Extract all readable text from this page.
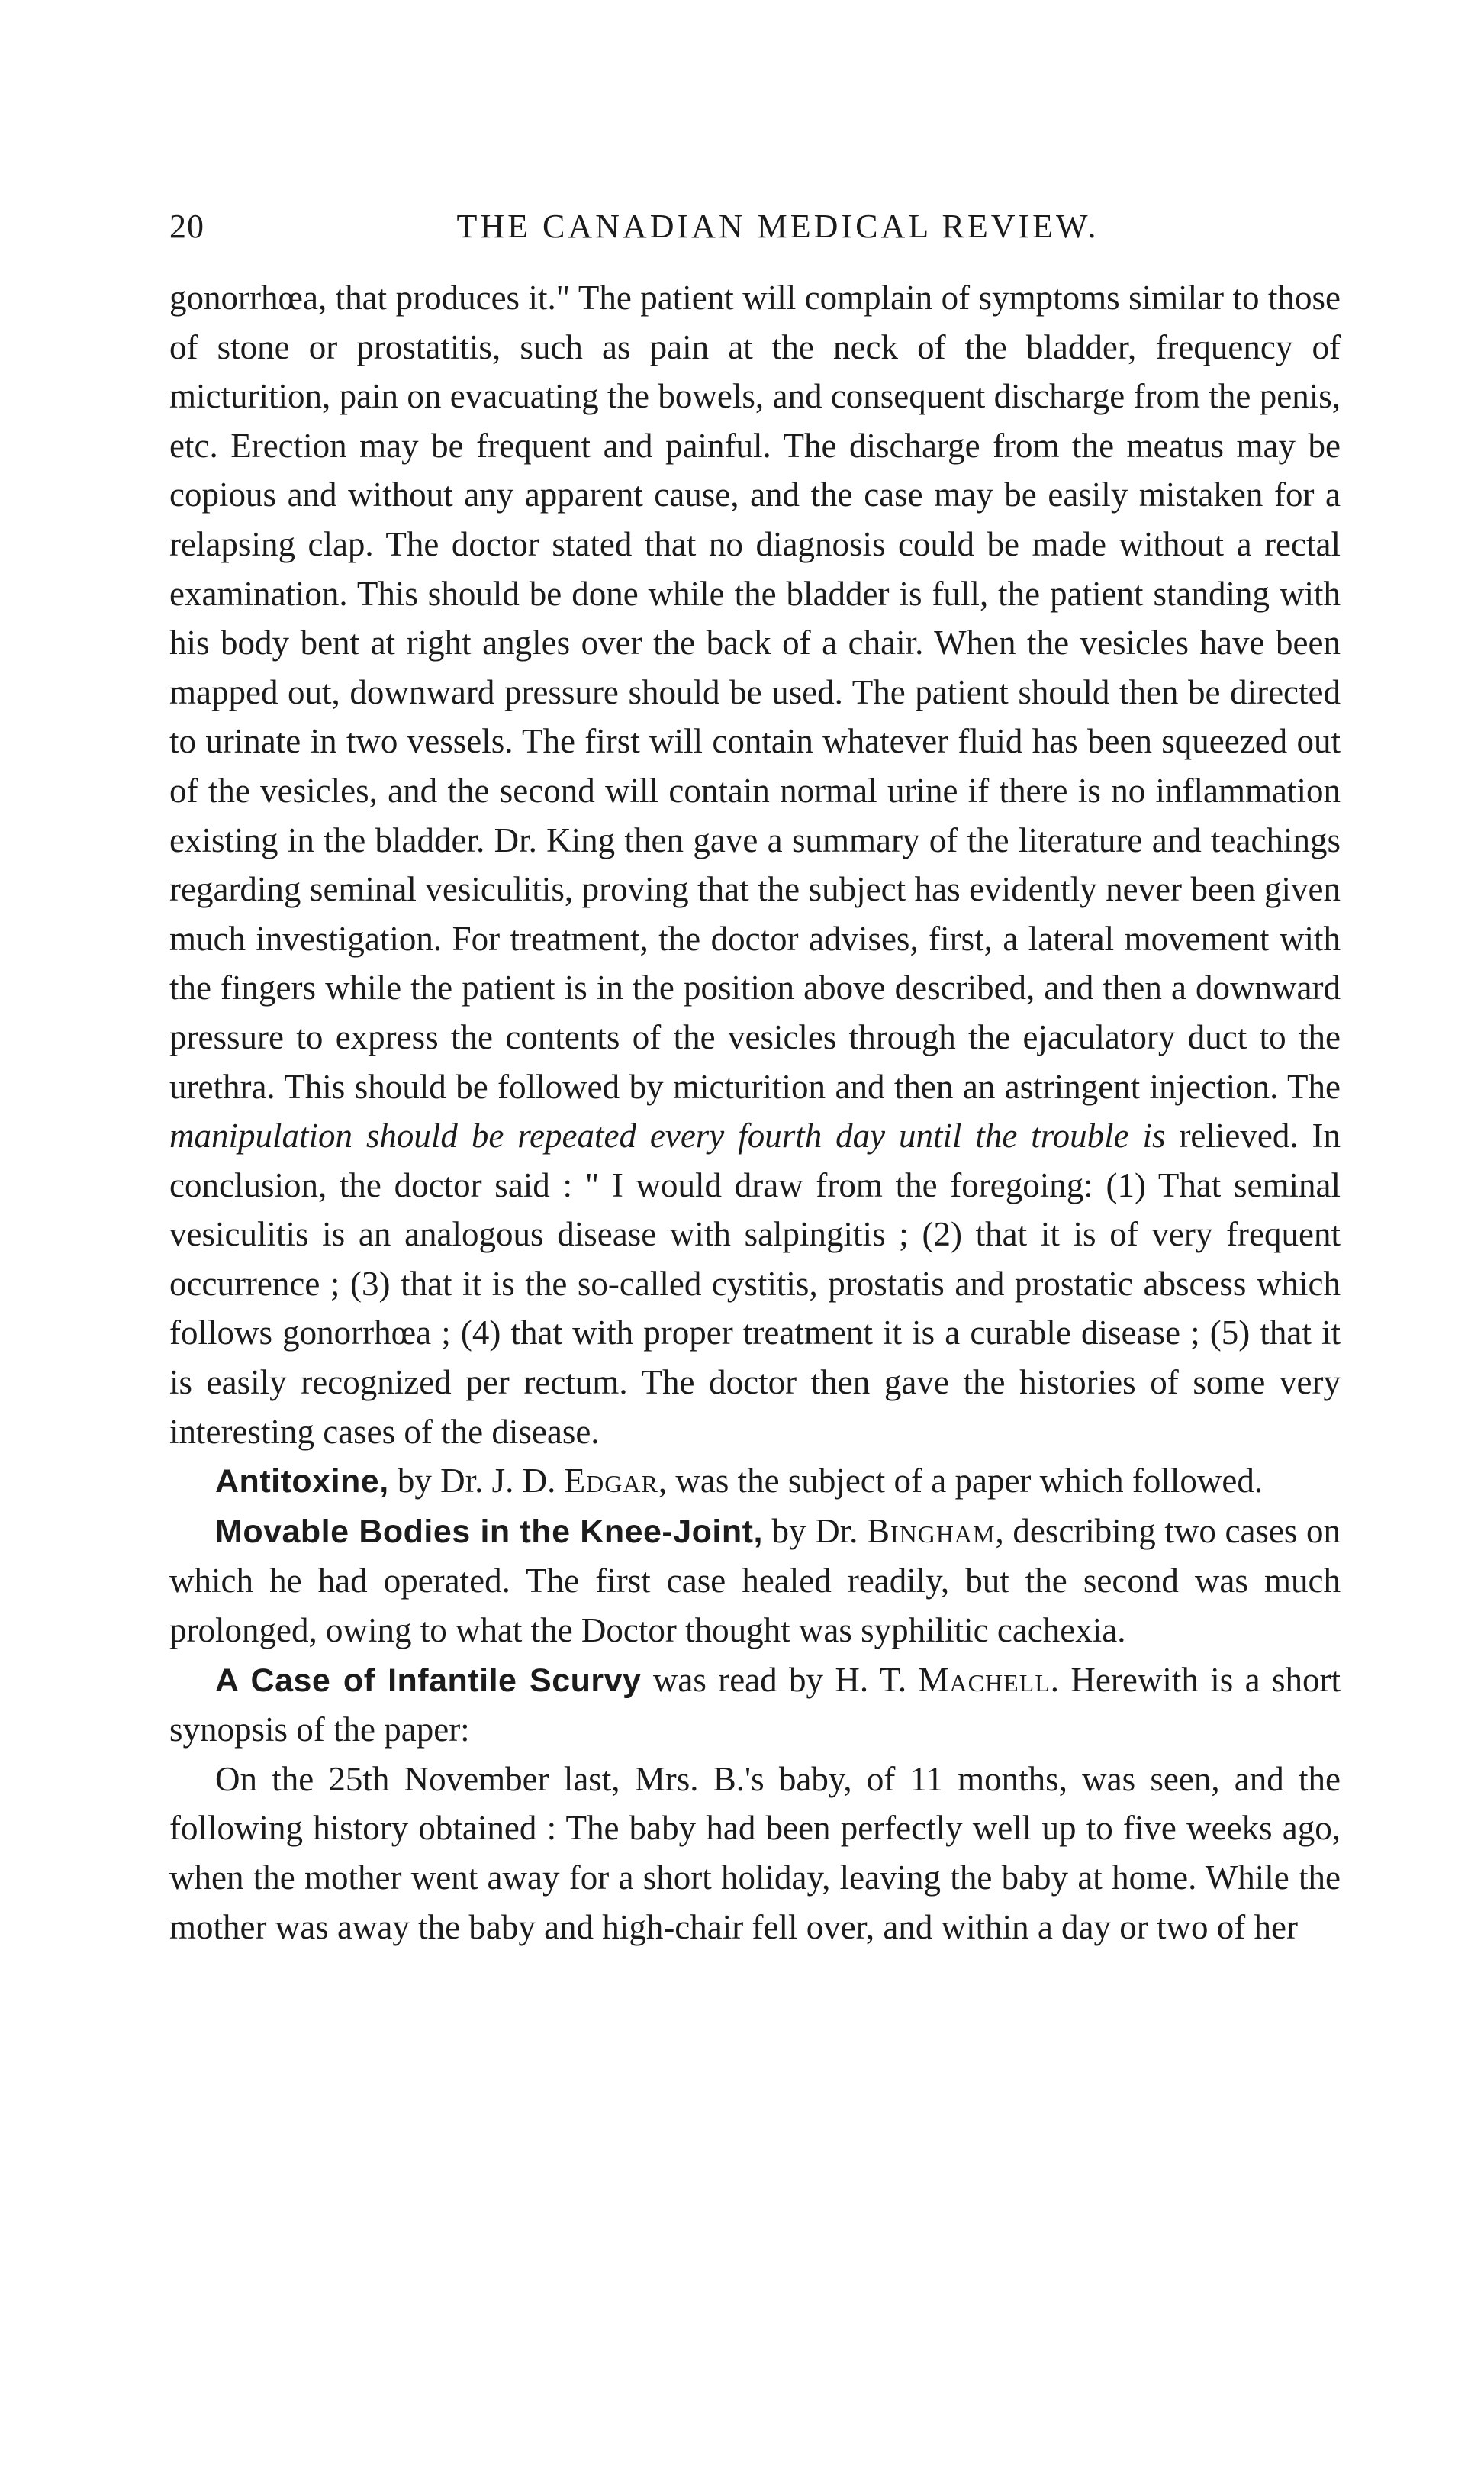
20	THE CANADIAN MEDICAL REVIEW.

gonorrhœa, that produces it." The patient will complain of symptoms similar to those of stone or prostatitis, such as pain at the neck of the bladder, frequency of micturition, pain on evacuating the bowels, and consequent discharge from the penis, etc. Erection may be frequent and painful. The discharge from the meatus may be copious and without any apparent cause, and the case may be easily mistaken for a relapsing clap. The doctor stated that no diagnosis could be made without a rectal examination. This should be done while the bladder is full, the patient standing with his body bent at right angles over the back of a chair. When the vesicles have been mapped out, downward pressure should be used. The patient should then be directed to urinate in two vessels. The first will contain whatever fluid has been squeezed out of the vesicles, and the second will contain normal urine if there is no inflammation existing in the bladder. Dr. King then gave a summary of the literature and teachings regarding seminal vesiculitis, proving that the subject has evidently never been given much investigation. For treatment, the doctor advises, first, a lateral movement with the fingers while the patient is in the position above described, and then a downward pressure to express the contents of the vesicles through the ejaculatory duct to the urethra. This should be followed by micturition and then an astringent injection. The manipulation should be repeated every fourth day until the trouble is relieved. In conclusion, the doctor said : " I would draw from the foregoing: (1) That seminal vesiculitis is an analogous disease with salpingitis ; (2) that it is of very frequent occurrence ; (3) that it is the so-called cystitis, prostatis and prostatic abscess which follows gonorrhœa ; (4) that with proper treatment it is a curable disease ; (5) that it is easily recognized per rectum. The doctor then gave the histories of some very interesting cases of the disease.

Antitoxine, by Dr. J. D. Edgar, was the subject of a paper which followed.

Movable Bodies in the Knee-Joint, by Dr. Bingham, describing two cases on which he had operated. The first case healed readily, but the second was much prolonged, owing to what the Doctor thought was syphilitic cachexia.

A Case of Infantile Scurvy was read by H. T. Machell. Herewith is a short synopsis of the paper:

On the 25th November last, Mrs. B.'s baby, of 11 months, was seen, and the following history obtained : The baby had been perfectly well up to five weeks ago, when the mother went away for a short holiday, leaving the baby at home. While the mother was away the baby and high-chair fell over, and within a day or two of her
